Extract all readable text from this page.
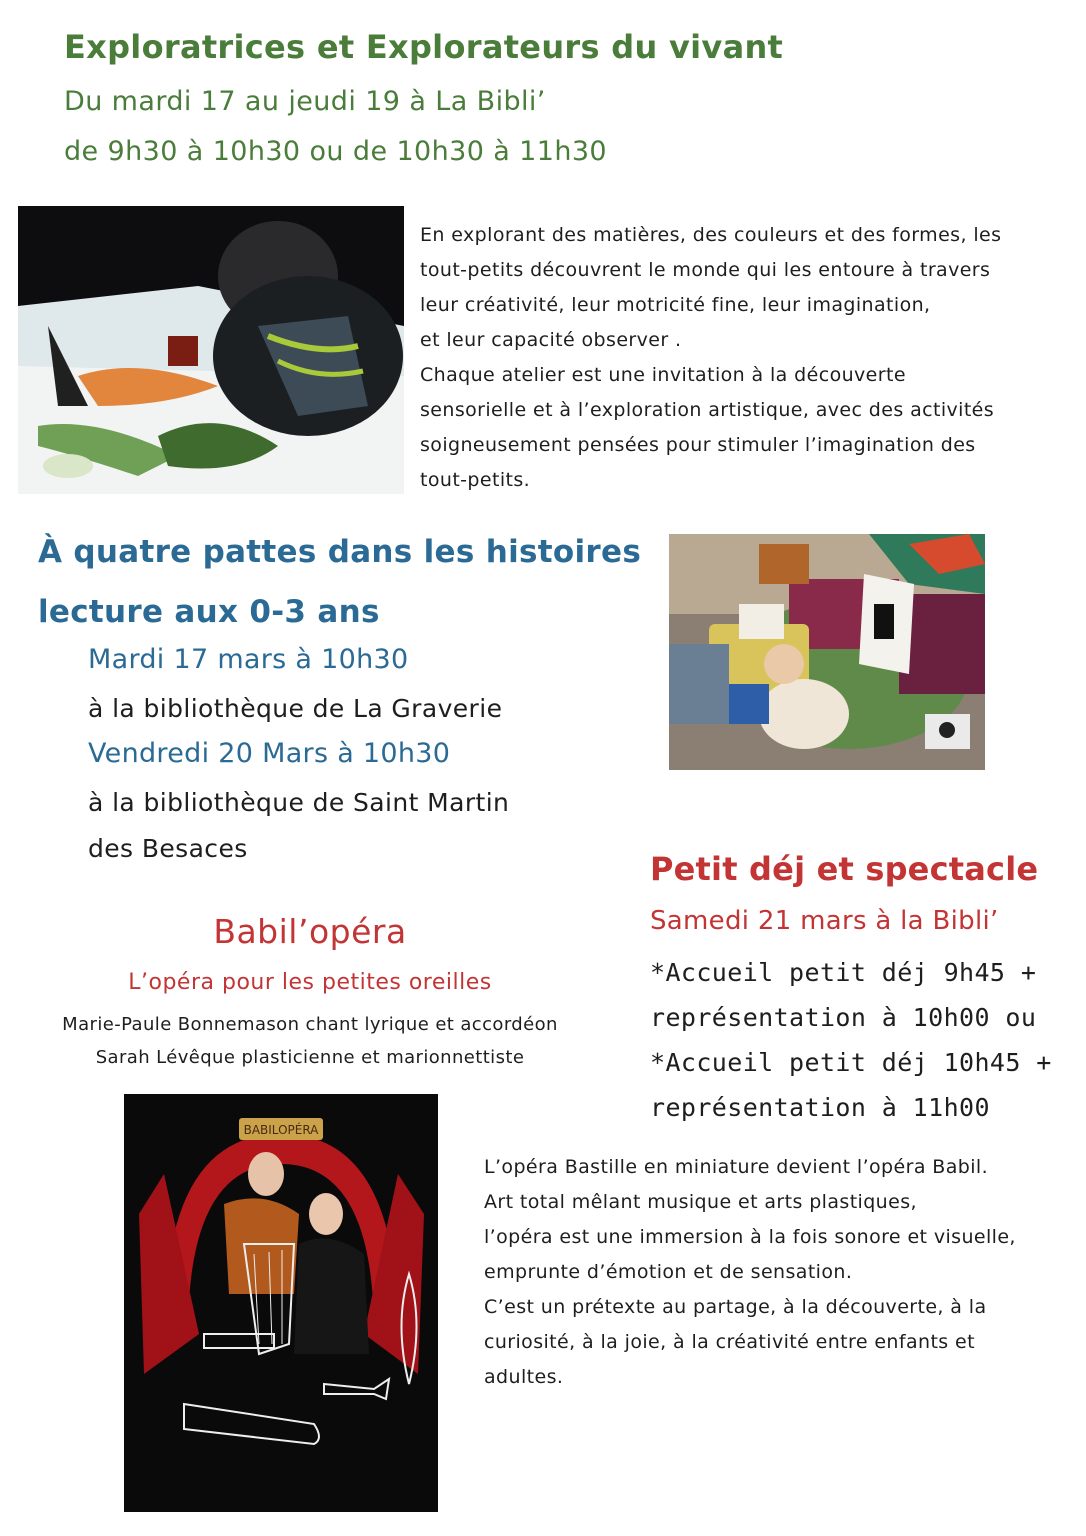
Exploratrices et Explorateurs du vivant

Du mardi 17 au jeudi 19 à La Bibli’

de 9h30 à 10h30 ou de 10h30 à 11h30

En explorant des matières, des couleurs et des formes, les
tout-petits découvrent le monde qui les entoure à travers
leur créativité, leur motricité fine, leur imagination,
et leur capacité observer .
Chaque atelier est une invitation à la découverte
sensorielle et à l’exploration artistique, avec des activités
soigneusement pensées pour stimuler l’imagination des
tout-petits.
À quatre pattes dans les histoires
lecture aux 0-3 ans

Mardi 17 mars à 10h30

à la bibliothèque de La Graverie

Vendredi 20 Mars à 10h30

à la bibliothèque de Saint Martin

des Besaces

Petit déj et spectacle

Samedi 21 mars à la Bibli’

*Accueil petit déj 9h45 +

représentation à 10h00 ou

*Accueil petit déj 10h45 +

représentation à 11h00

Babil’opéra

L’opéra pour les petites oreilles

Marie-Paule Bonnemason chant lyrique et accordéon

Sarah Lévêque plasticienne et marionnettiste

BABILOPÉRA
L’opéra Bastille en miniature devient l’opéra Babil.
Art total mêlant musique et arts plastiques,
l’opéra est une immersion à la fois sonore et visuelle,
emprunte d’émotion et de sensation.
C’est un prétexte au partage, à la découverte, à la
curiosité, à la joie, à la créativité entre enfants et
adultes.
